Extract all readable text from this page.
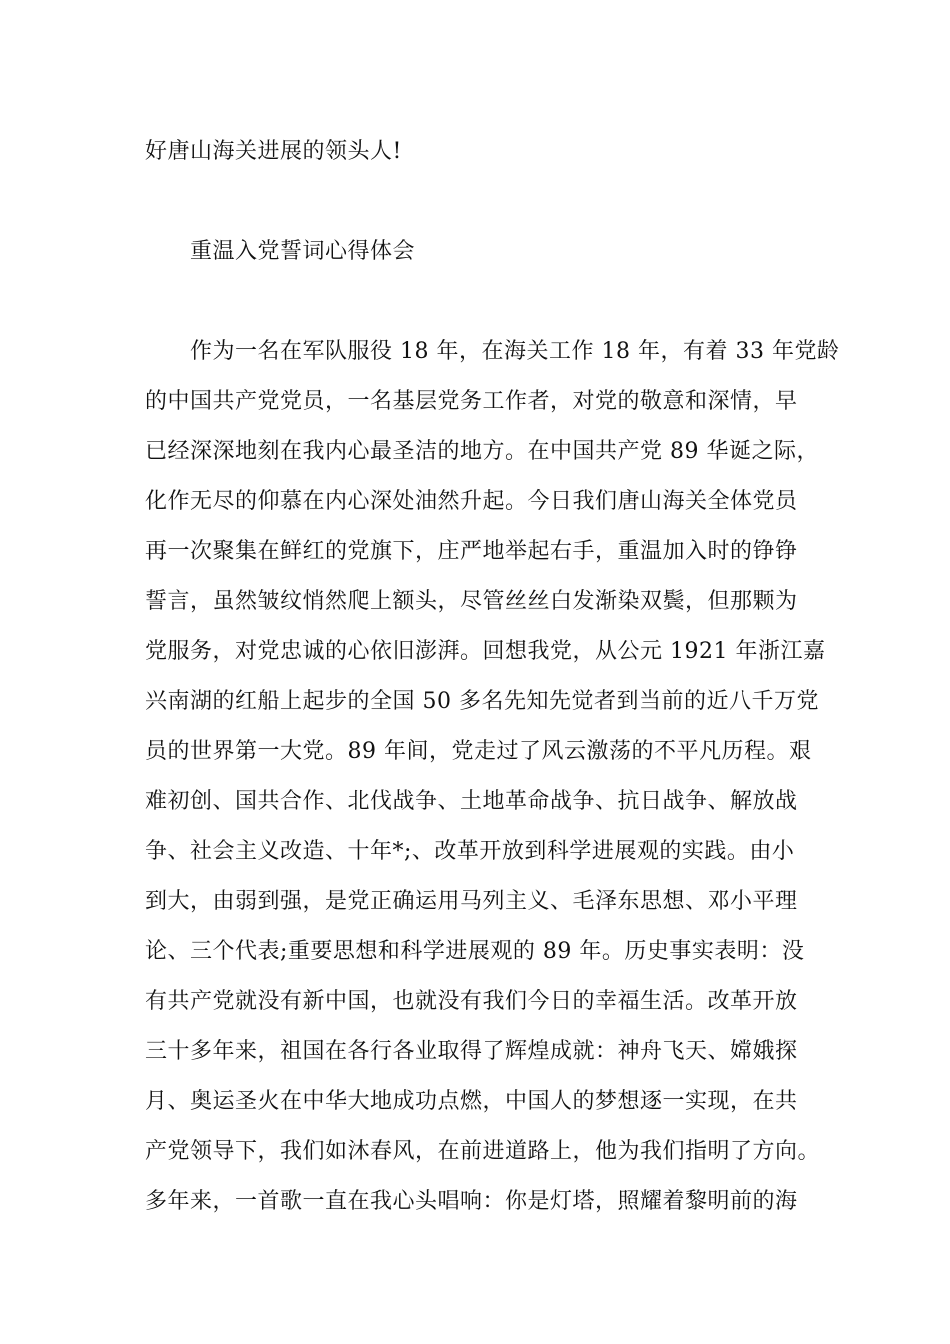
好唐山海关进展的领头人!
重温入党誓词心得体会
作为一名在军队服役 18 年，在海关工作 18 年，有着 33 年党龄
的中国共产党党员，一名基层党务工作者，对党的敬意和深情，早
已经深深地刻在我内心最圣洁的地方。在中国共产党 89 华诞之际，
化作无尽的仰慕在内心深处油然升起。今日我们唐山海关全体党员
再一次聚集在鲜红的党旗下，庄严地举起右手，重温加入时的铮铮
誓言，虽然皱纹悄然爬上额头，尽管丝丝白发渐染双鬓，但那颗为
党服务，对党忠诚的心依旧澎湃。回想我党，从公元 1921 年浙江嘉
兴南湖的红船上起步的全国 50 多名先知先觉者到当前的近八千万党
员的世界第一大党。89 年间，党走过了风云激荡的不平凡历程。艰
难初创、国共合作、北伐战争、土地革命战争、抗日战争、解放战
争、社会主义改造、十年*;、改革开放到科学进展观的实践。由小
到大，由弱到强，是党正确运用马列主义、毛泽东思想、邓小平理
论、三个代表;重要思想和科学进展观的 89 年。历史事实表明：没
有共产党就没有新中国，也就没有我们今日的幸福生活。改革开放
三十多年来，祖国在各行各业取得了辉煌成就：神舟飞天、嫦娥探
月、奥运圣火在中华大地成功点燃，中国人的梦想逐一实现，在共
产党领导下，我们如沐春风，在前进道路上，他为我们指明了方向。
多年来，一首歌一直在我心头唱响：你是灯塔，照耀着黎明前的海
